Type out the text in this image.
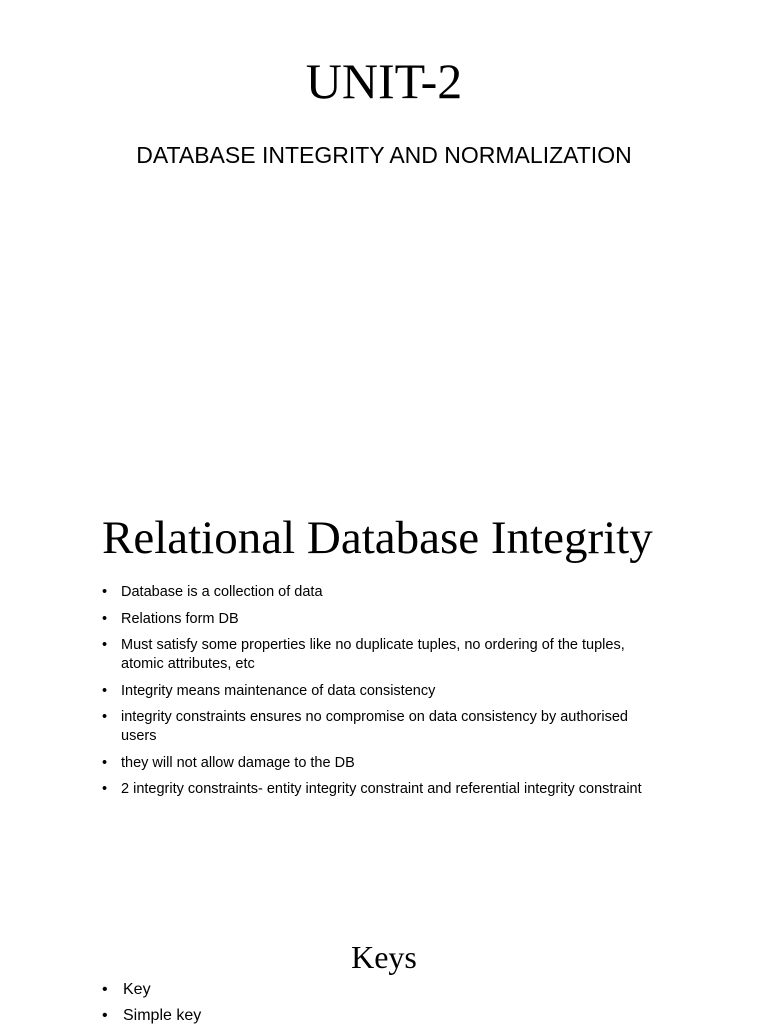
UNIT-2
DATABASE INTEGRITY AND NORMALIZATION
Relational Database Integrity
• Database is a collection of data
• Relations form DB
• Must satisfy some properties like no duplicate tuples, no ordering of the tuples, atomic attributes, etc
• Integrity means maintenance of data consistency
• integrity constraints ensures no compromise on data consistency by authorised users
• they will not allow damage to the DB
• 2 integrity constraints- entity integrity constraint and referential integrity constraint
Keys
• Key
• Simple key
